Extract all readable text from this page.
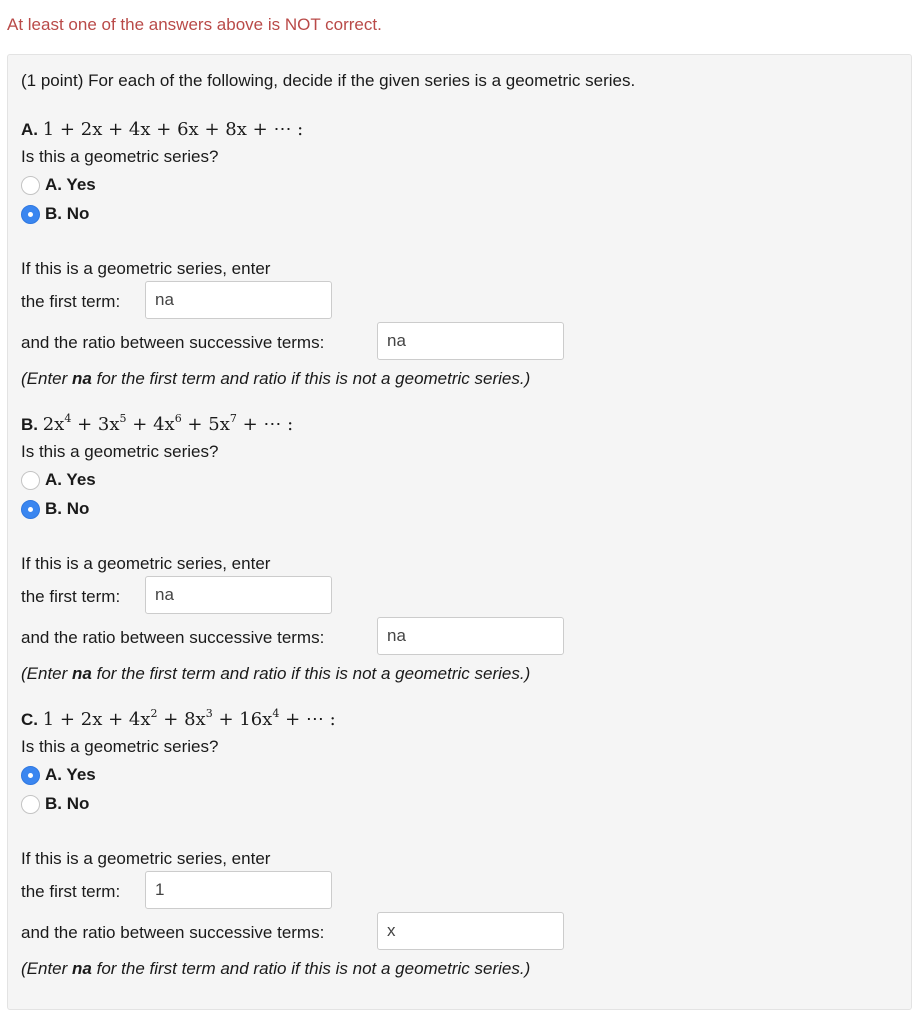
At least one of the answers above is NOT correct.
(1 point) For each of the following, decide if the given series is a geometric series.
A. 1 + 2x + 4x + 6x + 8x + ⋯ :
Is this a geometric series?
A. Yes
B. No
If this is a geometric series, enter
the first term:	na
and the ratio between successive terms:	na
(Enter na for the first term and ratio if this is not a geometric series.)
B. $2x^4 + 3x^5 + 4x^6 + 5x^7$ + ⋯ :
Is this a geometric series?
A. Yes
B. No
If this is a geometric series, enter
the first term:	na
and the ratio between successive terms:	na
(Enter na for the first term and ratio if this is not a geometric series.)
C. $1 + 2x + 4x^2 + 8x^3 + 16x^4$ + ⋯ :
Is this a geometric series?
A. Yes
B. No
If this is a geometric series, enter
the first term:	1
and the ratio between successive terms:	x
(Enter na for the first term and ratio if this is not a geometric series.)
